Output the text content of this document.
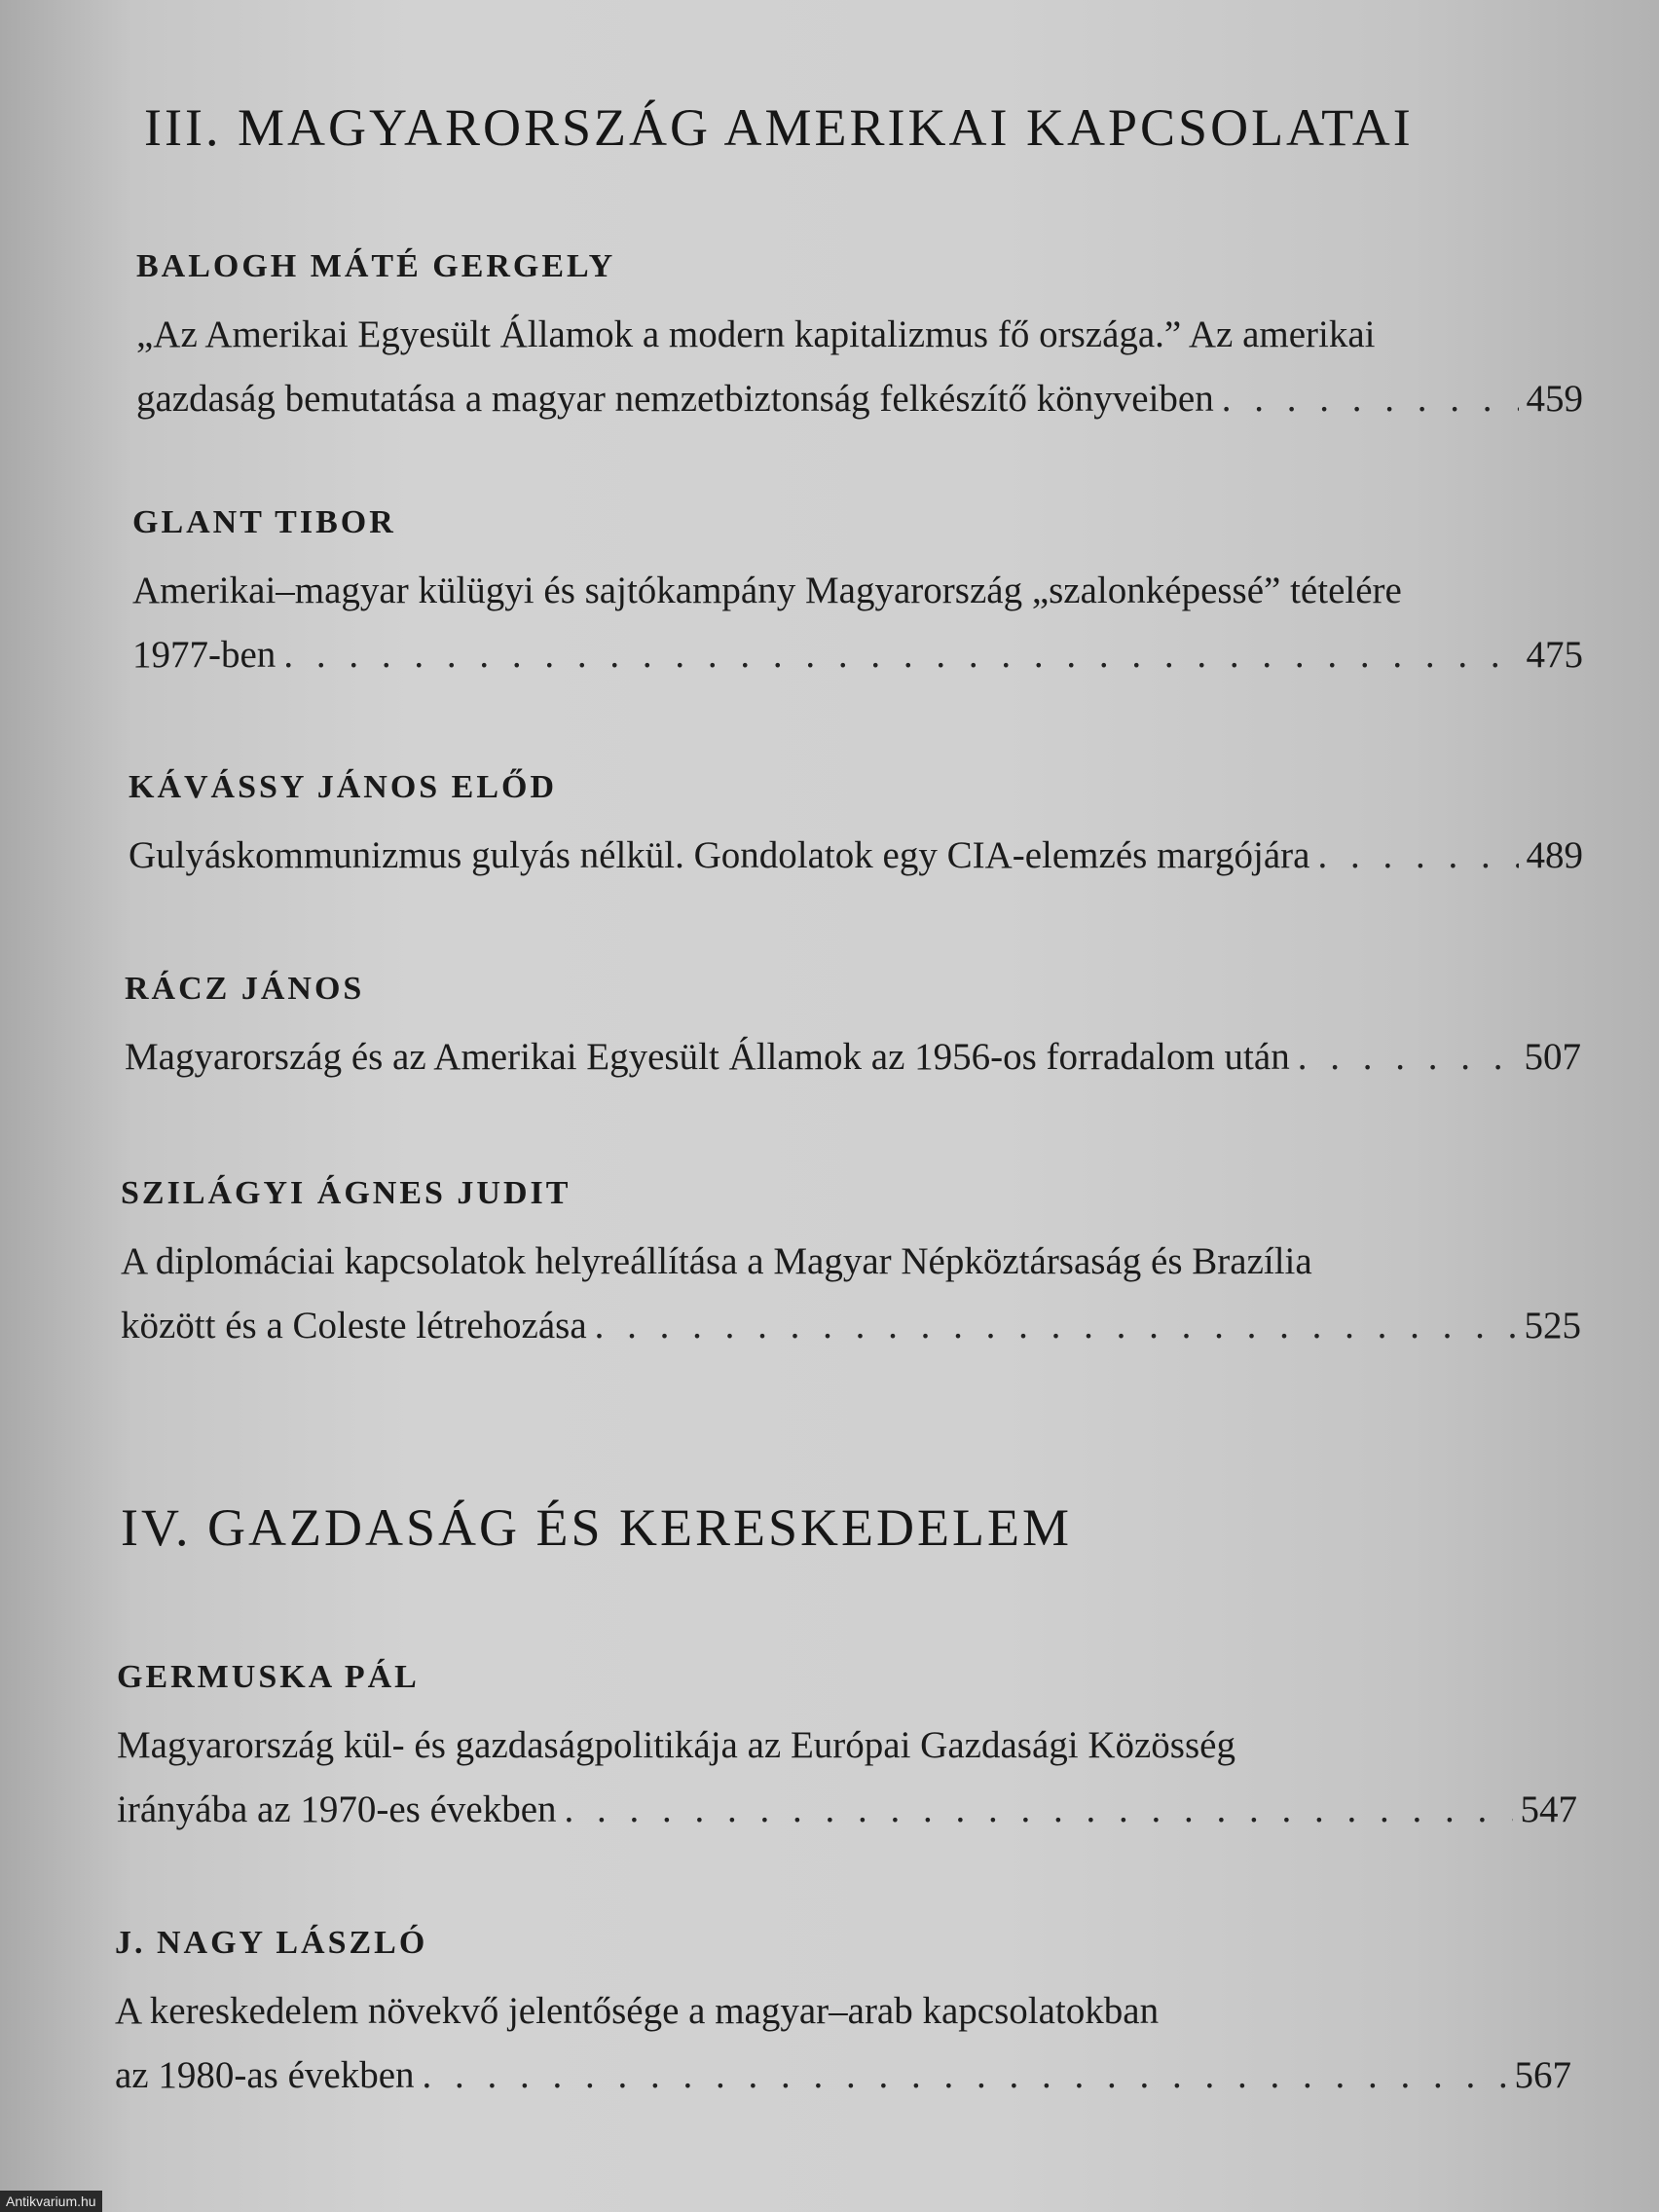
III. MAGYARORSZÁG AMERIKAI KAPCSOLATAI
BALOGH MÁTÉ GERGELY
„Az Amerikai Egyesült Államok a modern kapitalizmus fő országa.” Az amerikai
gazdaság bemutatása a magyar nemzetbiztonság felkészítő könyveiben . . .	459
GLANT TIBOR
Amerikai–magyar külügyi és sajtókampány Magyarország „szalonképessé” tételére
1977-ben . . .	475
KÁVÁSSY JÁNOS ELŐD
Gulyáskommunizmus gulyás nélkül. Gondolatok egy CIA-elemzés margójára . . .	489
RÁCZ JÁNOS
Magyarország és az Amerikai Egyesült Államok az 1956-os forradalom után . . .	507
SZILÁGYI ÁGNES JUDIT
A diplomáciai kapcsolatok helyreállítása a Magyar Népköztársaság és Brazília
között és a Coleste létrehozása . . .	525
IV. GAZDASÁG ÉS KERESKEDELEM
GERMUSKA PÁL
Magyarország kül- és gazdaságpolitikája az Európai Gazdasági Közösség
irányába az 1970-es években . . .	547
J. NAGY LÁSZLÓ
A kereskedelem növekvő jelentősége a magyar–arab kapcsolatokban
az 1980-as években . . .	567
Antikvarium.hu
